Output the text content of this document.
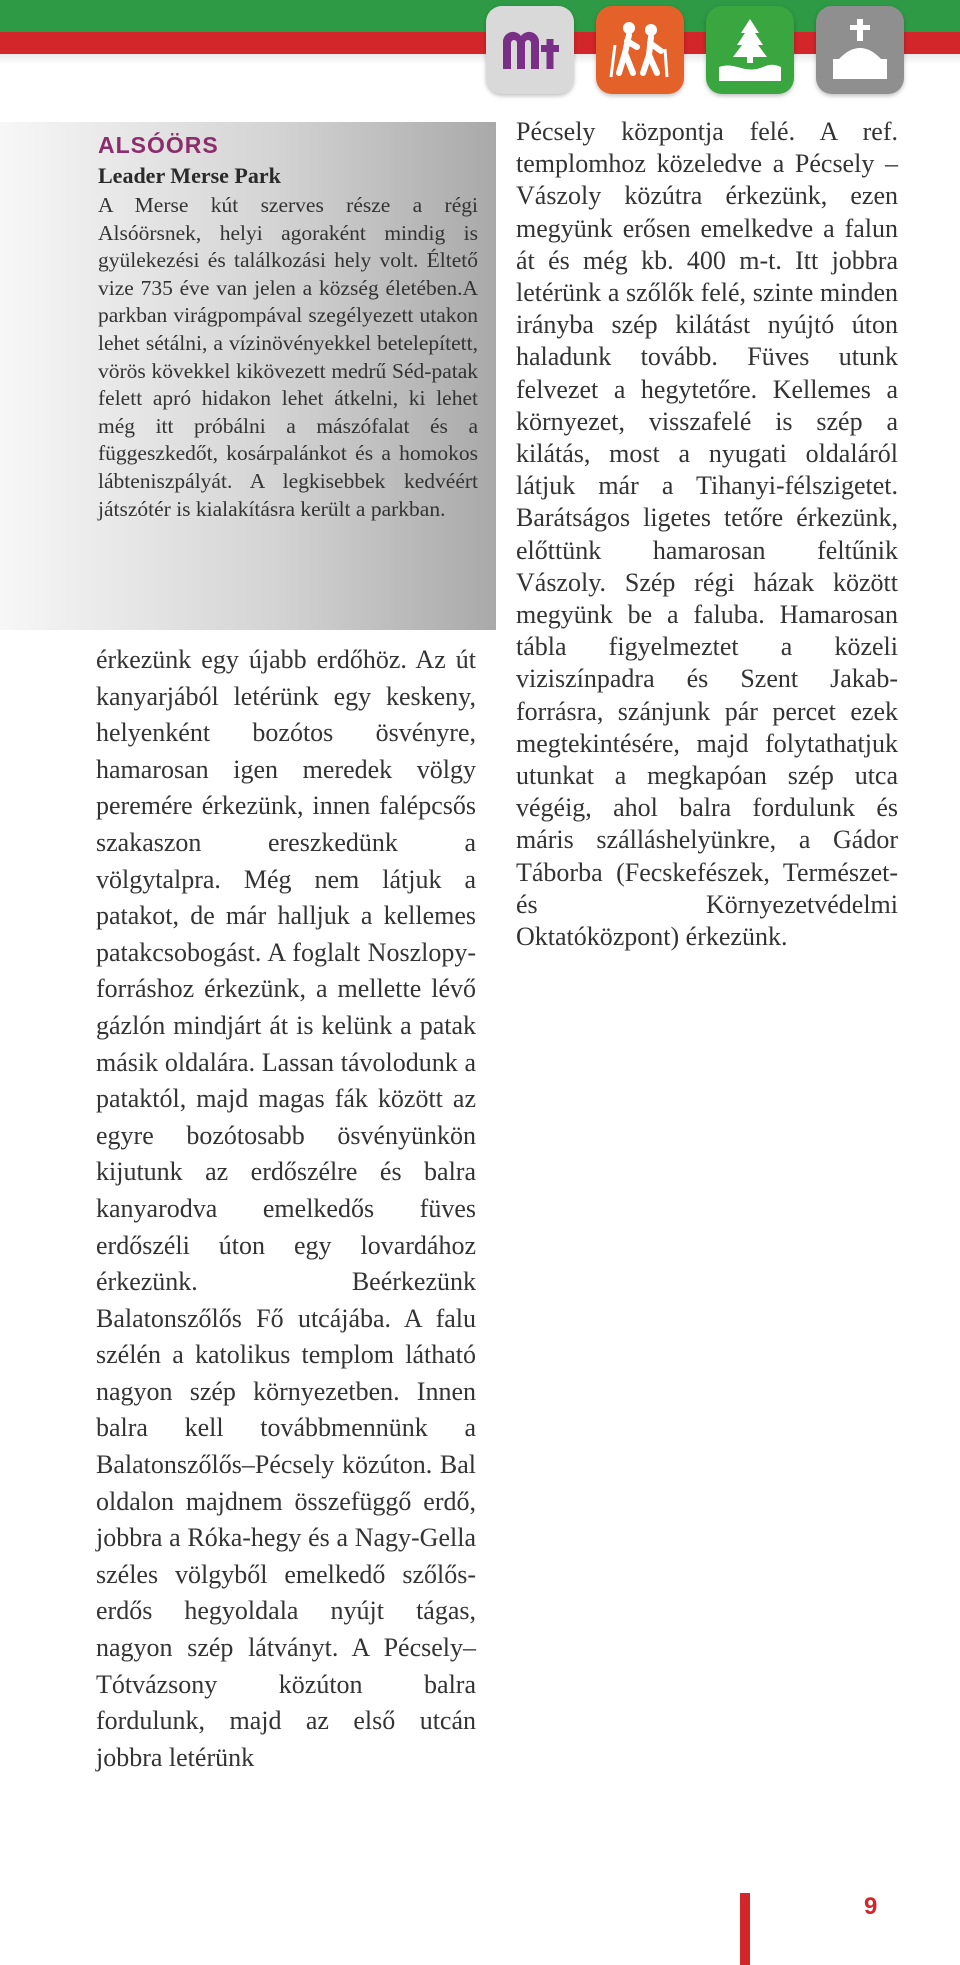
ALSÓÖRS
Leader Merse Park

A Merse kút szerves része a régi Alsóörsnek, helyi agoraként mindig is gyülekezési és találkozási hely volt. Éltető vize 735 éve van jelen a község életében.A parkban virágpompával szegélyezett utakon lehet sétálni, a vízinövényekkel betelepített, vörös kövekkel kikövezett medrű Séd-patak felett apró hidakon lehet átkelni, ki lehet még itt próbálni a mászófalat és a függeszkedőt, kosárpalánkot és a homokos lábteniszpályát. A legkisebbek kedvéért játszótér is kialakításra került a parkban.

érkezünk egy újabb erdőhöz. Az út kanyarjából letérünk egy keskeny, helyenként bozótos ösvényre, hamarosan igen meredek völgy peremére érkezünk, innen falépcsős szakaszon ereszkedünk a völgytalpra. Még nem látjuk a patakot, de már halljuk a kellemes patakcsobogást. A foglalt Noszlopy-forráshoz érkezünk, a mellette lévő gázlón mindjárt át is kelünk a patak másik oldalára. Lassan távolodunk a pataktól, majd magas fák között az egyre bozótosabb ösvényünkön kijutunk az erdőszélre és balra kanyarodva emelkedős füves erdőszéli úton egy lovardához érkezünk. Beérkezünk Balatonszőlős Fő utcájába. A falu szélén a katolikus templom látható nagyon szép környezetben. Innen balra kell továbbmennünk a Balatonszőlős–Pécsely közúton. Bal oldalon majdnem összefüggő erdő, jobbra a Róka-hegy és a Nagy-Gella széles völgyből emelkedő szőlős-erdős hegyoldala nyújt tágas, nagyon szép látványt. A Pécsely–Tótvázsony közúton balra fordulunk, majd az első utcán jobbra letérünk

Pécsely központja felé. A ref. templomhoz közeledve a Pécsely – Vászoly közútra érkezünk, ezen megyünk erősen emelkedve a falun át és még kb. 400 m-t. Itt jobbra letérünk a szőlők felé, szinte minden irányba szép kilátást nyújtó úton haladunk tovább. Füves utunk felvezet a hegytetőre. Kellemes a környezet, visszafelé is szép a kilátás, most a nyugati oldaláról látjuk már a Tihanyi-félszigetet. Barátságos ligetes tetőre érkezünk, előttünk hamarosan feltűnik Vászoly. Szép régi házak között megyünk be a faluba. Hamarosan tábla figyelmeztet a közeli viziszínpadra és Szent Jakab-forrásra, szánjunk pár percet ezek megtekintésére, majd folytathatjuk utunkat a megkapóan szép utca végéig, ahol balra fordulunk és máris szálláshelyünkre, a Gádor Táborba (Fecskefészek, Természet- és Környezetvédelmi Oktatóközpont) érkezünk.

9
